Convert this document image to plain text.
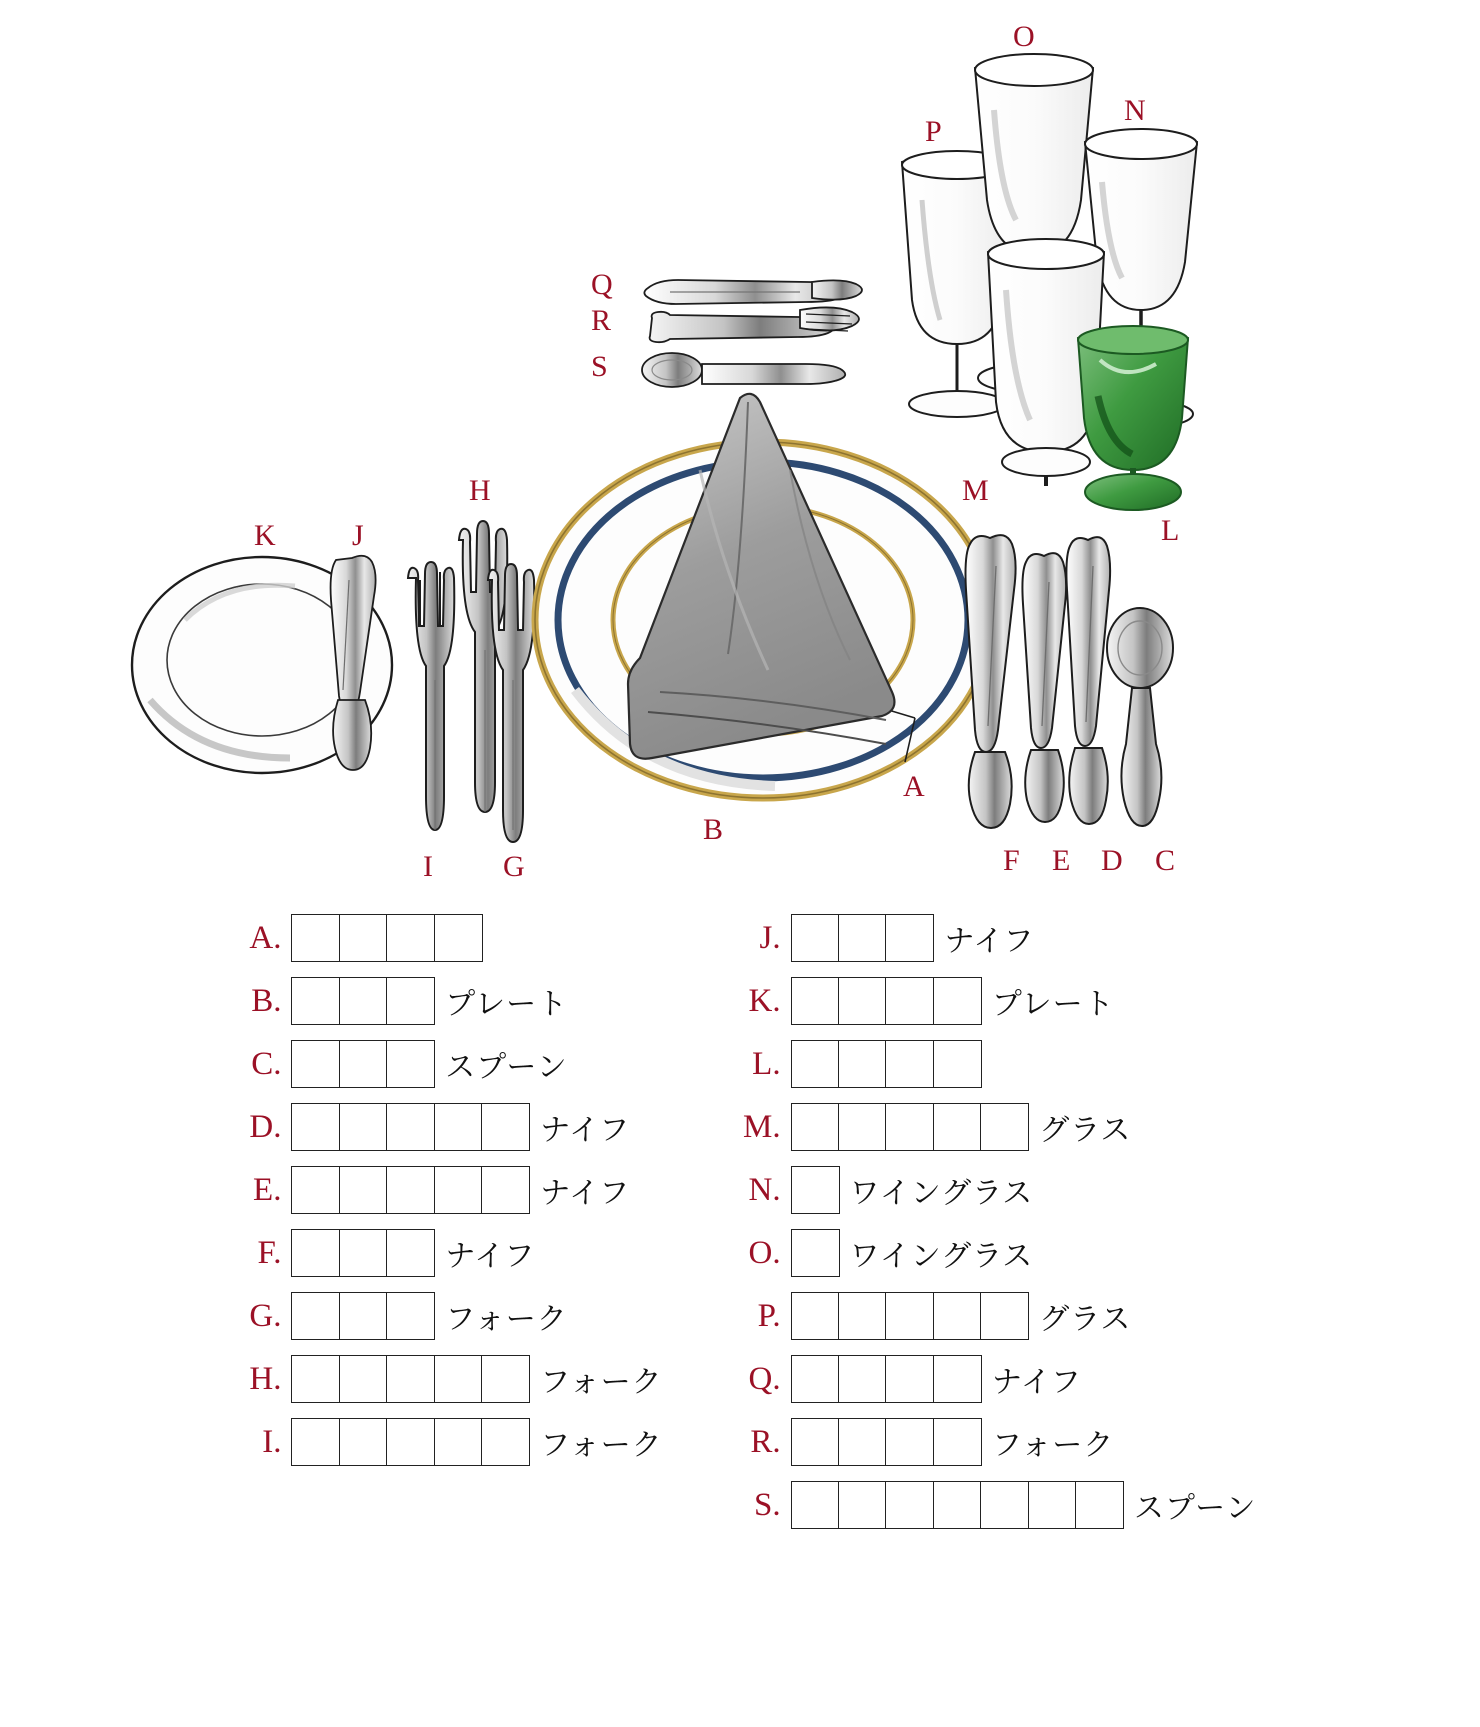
O
N
P
Q
R
S
M
L
H
K	J
A
B
I G	F E D C
A.
B.	プレート
C.	スプーン
D.	ナイフ
E.	ナイフ
F.	ナイフ
G.	フォーク
H.	フォーク
I.	フォーク
J.	ナイフ
K.	プレート
L.
M.	グラス
N.	ワイングラス
O.	ワイングラス
P.	グラス
Q.	ナイフ
R.	フォーク
S.	スプーン
